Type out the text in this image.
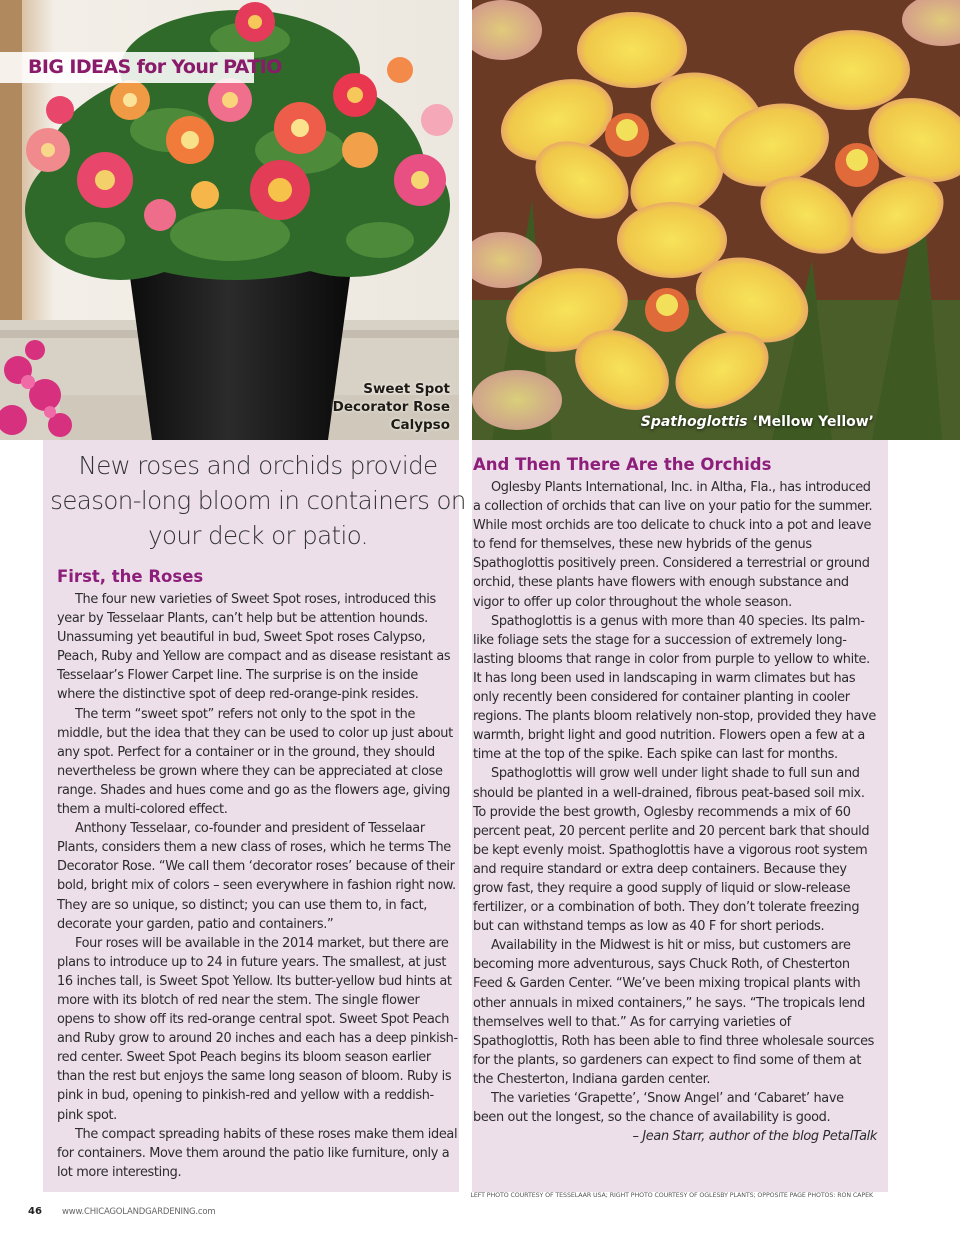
BIG IDEAS for Your PATIO
Sweet Spot
Decorator Rose
Calypso	Spathoglottis ‘Mellow Yellow’
New roses and orchids provide season-long bloom in containers on your deck or patio.
First, the Roses

The four new varieties of Sweet Spot roses, introduced this year by Tesselaar Plants, can’t help but be attention hounds. Unassuming yet beautiful in bud, Sweet Spot roses Calypso, Peach, Ruby and Yellow are compact and as disease resistant as Tesselaar’s Flower Carpet line. The surprise is on the inside where the distinctive spot of deep red-orange-pink resides.

The term “sweet spot” refers not only to the spot in the middle, but the idea that they can be used to color up just about any spot. Perfect for a container or in the ground, they should nevertheless be grown where they can be appreciated at close range. Shades and hues come and go as the flowers age, giving them a multi-colored effect.

Anthony Tesselaar, co-founder and president of Tesselaar Plants, considers them a new class of roses, which he terms The Decorator Rose. “We call them ‘decorator roses’ because of their bold, bright mix of colors – seen everywhere in fashion right now. They are so unique, so distinct; you can use them to, in fact, decorate your garden, patio and containers.”

Four roses will be available in the 2014 market, but there are plans to introduce up to 24 in future years. The smallest, at just 16 inches tall, is Sweet Spot Yellow. Its butter-yellow bud hints at more with its blotch of red near the stem. The single flower opens to show off its red-orange central spot. Sweet Spot Peach and Ruby grow to around 20 inches and each has a deep pinkish-red center. Sweet Spot Peach begins its bloom season earlier than the rest but enjoys the same long season of bloom. Ruby is pink in bud, opening to pinkish-red and yellow with a reddish-pink spot.

The compact spreading habits of these roses make them ideal for containers. Move them around the patio like furniture, only a lot more interesting.

And Then There Are the Orchids

Oglesby Plants International, Inc. in Altha, Fla., has introduced a collection of orchids that can live on your patio for the summer. While most orchids are too delicate to chuck into a pot and leave to fend for themselves, these new hybrids of the genus Spathoglottis positively preen. Considered a terrestrial or ground orchid, these plants have flowers with enough substance and vigor to offer up color throughout the whole season.

Spathoglottis is a genus with more than 40 species. Its palm-like foliage sets the stage for a succession of extremely long-lasting blooms that range in color from purple to yellow to white. It has long been used in landscaping in warm climates but has only recently been considered for container planting in cooler regions. The plants bloom relatively non-stop, provided they have warmth, bright light and good nutrition. Flowers open a few at a time at the top of the spike. Each spike can last for months.

Spathoglottis will grow well under light shade to full sun and should be planted in a well-drained, fibrous peat-based soil mix. To provide the best growth, Oglesby recommends a mix of 60 percent peat, 20 percent perlite and 20 percent bark that should be kept evenly moist. Spathoglottis have a vigorous root system and require standard or extra deep containers. Because they grow fast, they require a good supply of liquid or slow-release fertilizer, or a combination of both. They don’t tolerate freezing but can withstand temps as low as 40 F for short periods.

Availability in the Midwest is hit or miss, but customers are becoming more adventurous, says Chuck Roth, of Chesterton Feed & Garden Center. “We’ve been mixing tropical plants with other annuals in mixed containers,” he says. “The tropicals lend themselves well to that.” As for carrying varieties of Spathoglottis, Roth has been able to find three wholesale sources for the plants, so gardeners can expect to find some of them at the Chesterton, Indiana garden center.

The varieties ‘Grapette’, ‘Snow Angel’ and ‘Cabaret’ have been out the longest, so the chance of availability is good.

– Jean Starr, author of the blog PetalTalk

LEFT PHOTO COURTESY OF TESSELAAR USA; RIGHT PHOTO COURTESY OF OGLESBY PLANTS; OPPOSITE PAGE PHOTOS: RON CAPEK
46 www.CHICAGOLANDGARDENING.com
